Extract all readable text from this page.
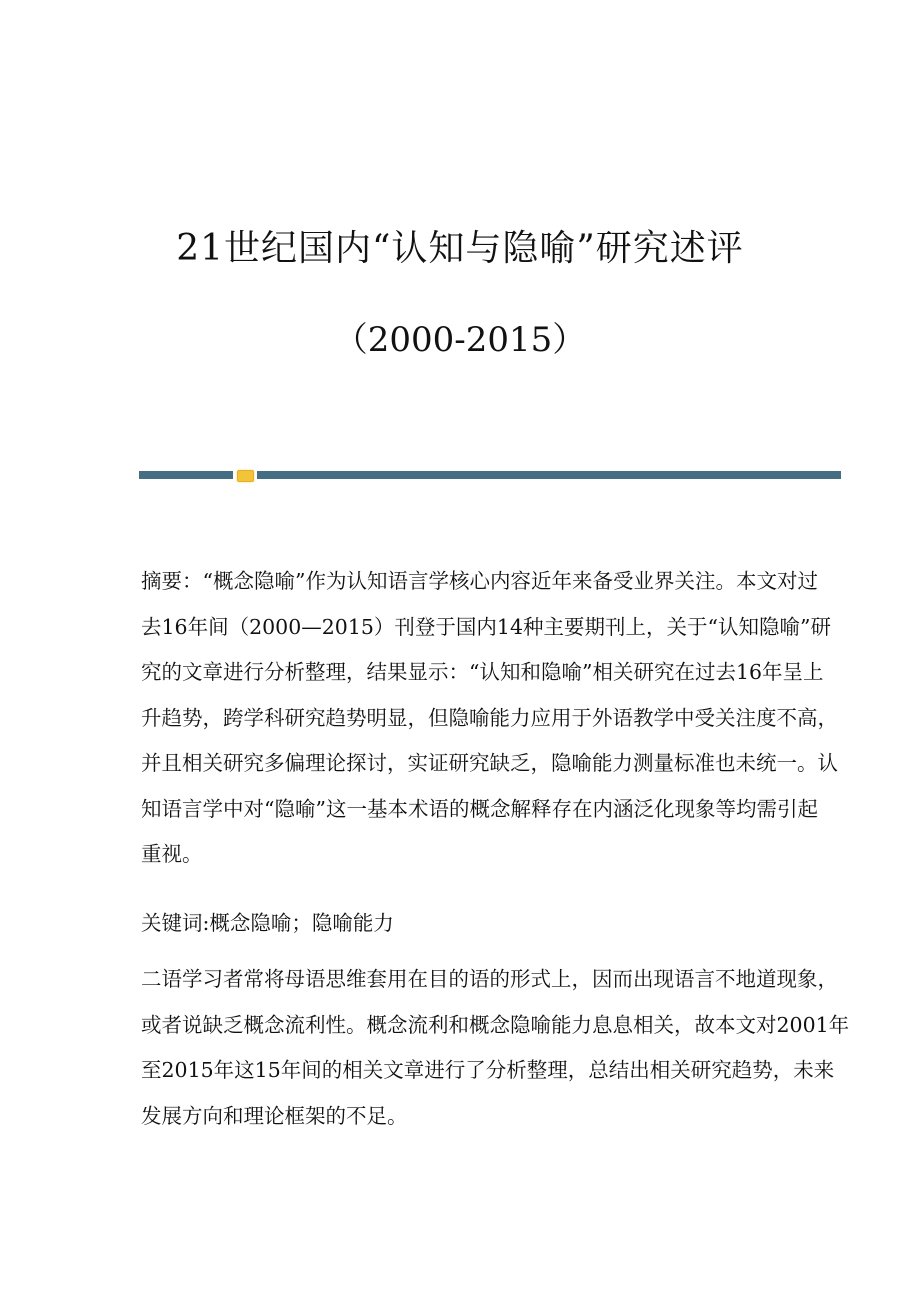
21世纪国内“认知与隐喻”研究述评
（2000-2015）
摘要：“概念隐喻”作为认知语言学核心内容近年来备受业界关注。本文对过
去16年间（2000—2015）刊登于国内14种主要期刊上，关于“认知隐喻”研
究的文章进行分析整理，结果显示：“认知和隐喻”相关研究在过去16年呈上
升趋势，跨学科研究趋势明显，但隐喻能力应用于外语教学中受关注度不高，
并且相关研究多偏理论探讨，实证研究缺乏，隐喻能力测量标准也未统一。认
知语言学中对“隐喻”这一基本术语的概念解释存在内涵泛化现象等均需引起
重视。
关键词:概念隐喻；隐喻能力
二语学习者常将母语思维套用在目的语的形式上，因而出现语言不地道现象，
或者说缺乏概念流利性。概念流利和概念隐喻能力息息相关，故本文对2001年
至2015年这15年间的相关文章进行了分析整理，总结出相关研究趋势，未来
发展方向和理论框架的不足。
